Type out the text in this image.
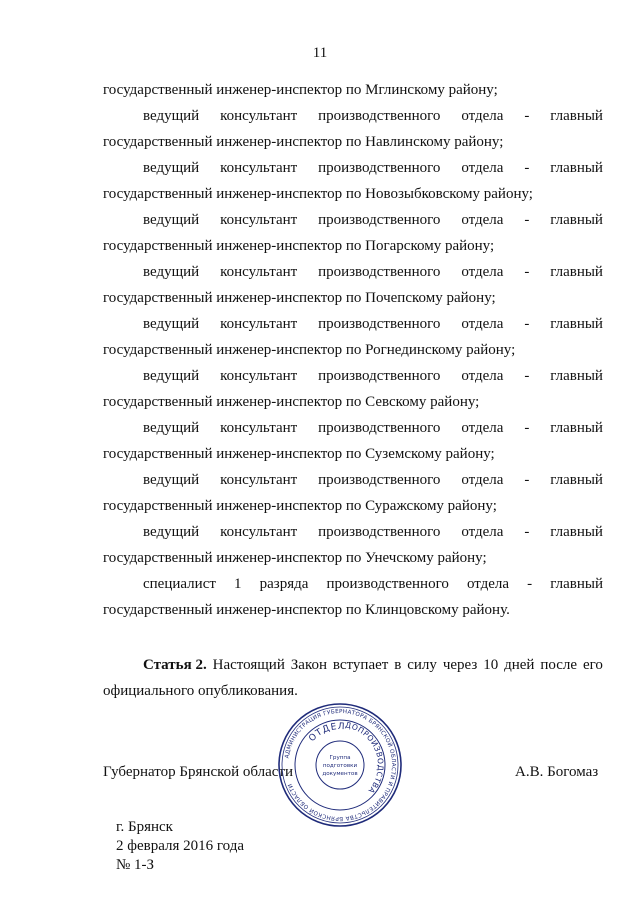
11
государственный инженер-инспектор по Мглинскому району;
ведущий консультант производственного отдела - главный
государственный инженер-инспектор по Навлинскому району;
ведущий консультант производственного отдела - главный
государственный инженер-инспектор по Новозыбковскому району;
ведущий консультант производственного отдела - главный
государственный инженер-инспектор по Погарскому району;
ведущий консультант производственного отдела - главный
государственный инженер-инспектор по Почепскому району;
ведущий консультант производственного отдела - главный
государственный инженер-инспектор по Рогнединскому району;
ведущий консультант производственного отдела - главный
государственный инженер-инспектор по Севскому району;
ведущий консультант производственного отдела - главный
государственный инженер-инспектор по Суземскому району;
ведущий консультант производственного отдела - главный
государственный инженер-инспектор по Суражскому району;
ведущий консультант производственного отдела - главный
государственный инженер-инспектор по Унечскому району;
специалист 1 разряда производственного отдела - главный
государственный инженер-инспектор по Клинцовскому району.
Статья 2. Настоящий Закон вступает в силу через 10 дней после его
официального опубликования.
Губернатор Брянской области
АДМИНИСТРАЦИЯ ГУБЕРНАТОРА БРЯНСКОЙ ОБЛАСТИ И ПРАВИТЕЛЬСТВА БРЯНСКОЙ ОБЛАСТИ
ОТДЕЛ
ДОПРОИЗВОДСТВА
Группа
подготовки
документов	А.В. Богомаз
г. Брянск
2 февраля 2016 года
№ 1-З
